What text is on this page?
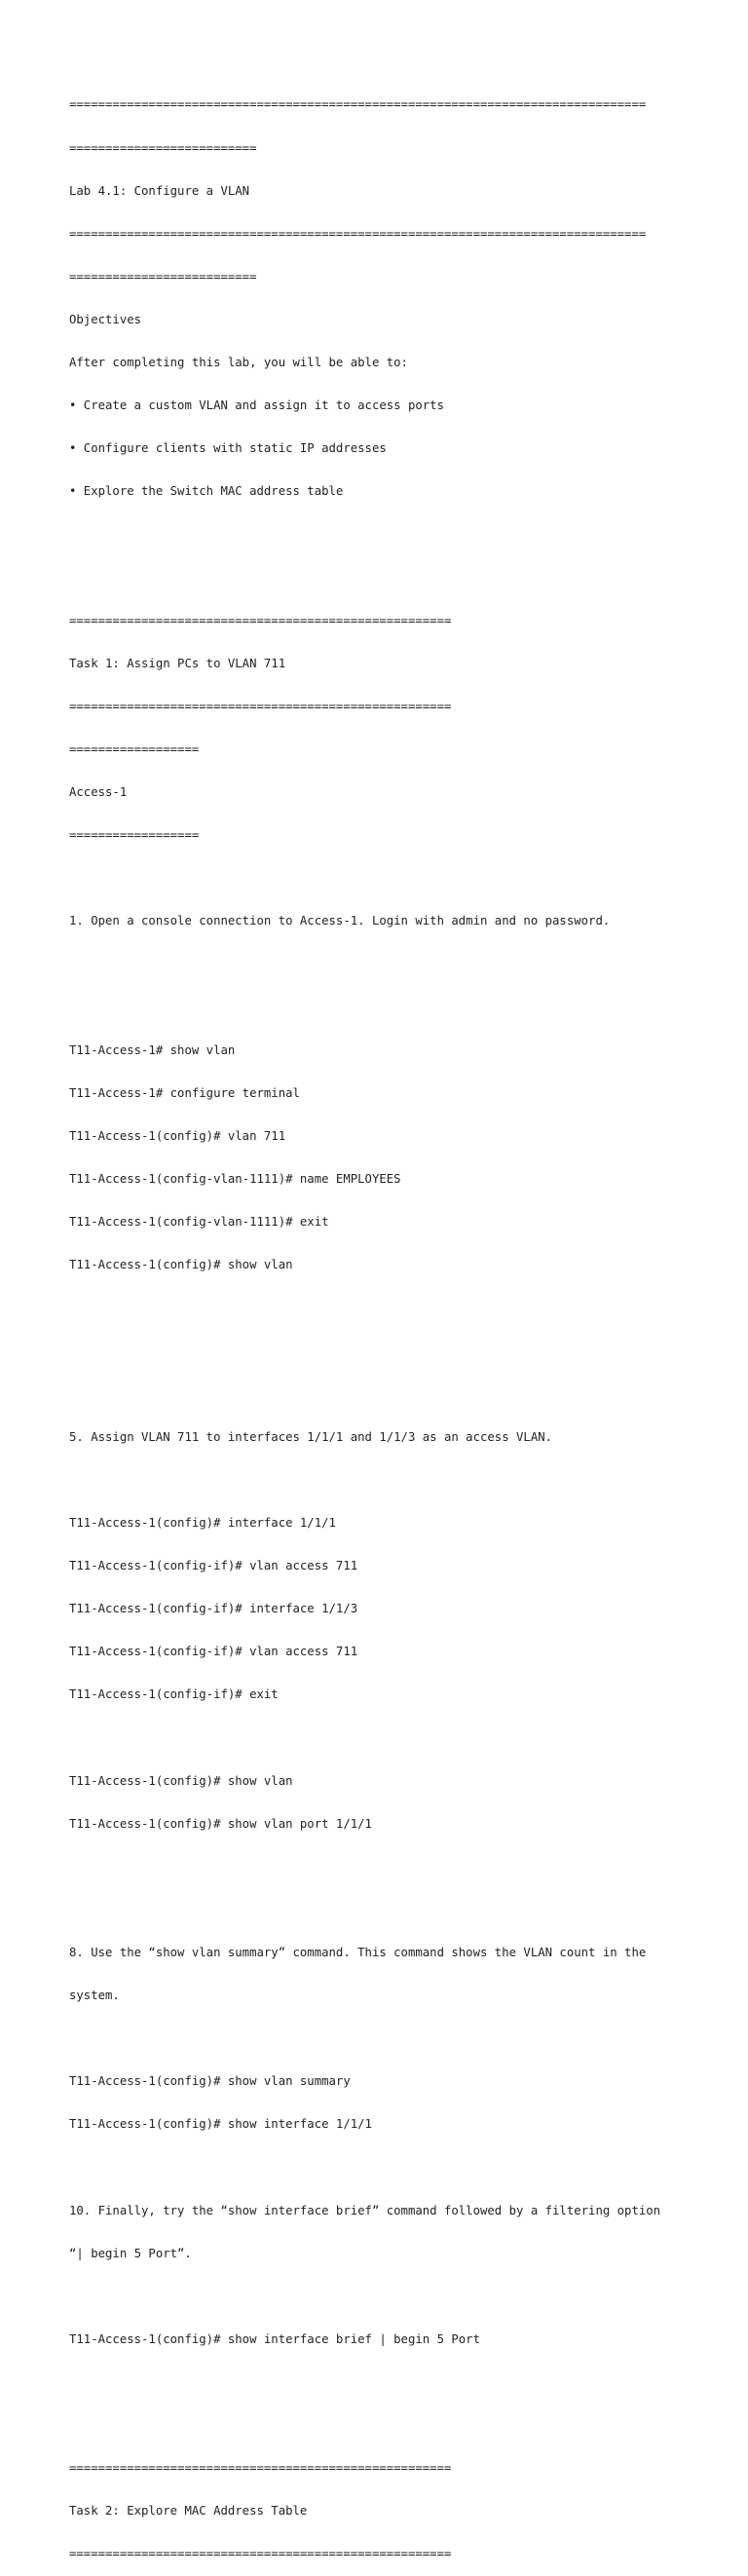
================================================================================

==========================

Lab 4.1: Configure a VLAN

================================================================================

==========================

Objectives

After completing this lab, you will be able to:

• Create a custom VLAN and assign it to access ports

• Configure clients with static IP addresses

• Explore the Switch MAC address table

=====================================================

Task 1: Assign PCs to VLAN 711

=====================================================

==================

Access-1

==================

1. Open a console connection to Access-1. Login with admin and no password.

T11-Access-1# show vlan

T11-Access-1# configure terminal

T11-Access-1(config)# vlan 711

T11-Access-1(config-vlan-1111)# name EMPLOYEES

T11-Access-1(config-vlan-1111)# exit

T11-Access-1(config)# show vlan

5. Assign VLAN 711 to interfaces 1/1/1 and 1/1/3 as an access VLAN.

T11-Access-1(config)# interface 1/1/1

T11-Access-1(config-if)# vlan access 711

T11-Access-1(config-if)# interface 1/1/3

T11-Access-1(config-if)# vlan access 711

T11-Access-1(config-if)# exit

T11-Access-1(config)# show vlan

T11-Access-1(config)# show vlan port 1/1/1

8. Use the “show vlan summary” command. This command shows the VLAN count in the

system.

T11-Access-1(config)# show vlan summary

T11-Access-1(config)# show interface 1/1/1

10. Finally, try the “show interface brief” command followed by a filtering option

“| begin 5 Port”.

T11-Access-1(config)# show interface brief | begin 5 Port

=====================================================

Task 2: Explore MAC Address Table

=====================================================
